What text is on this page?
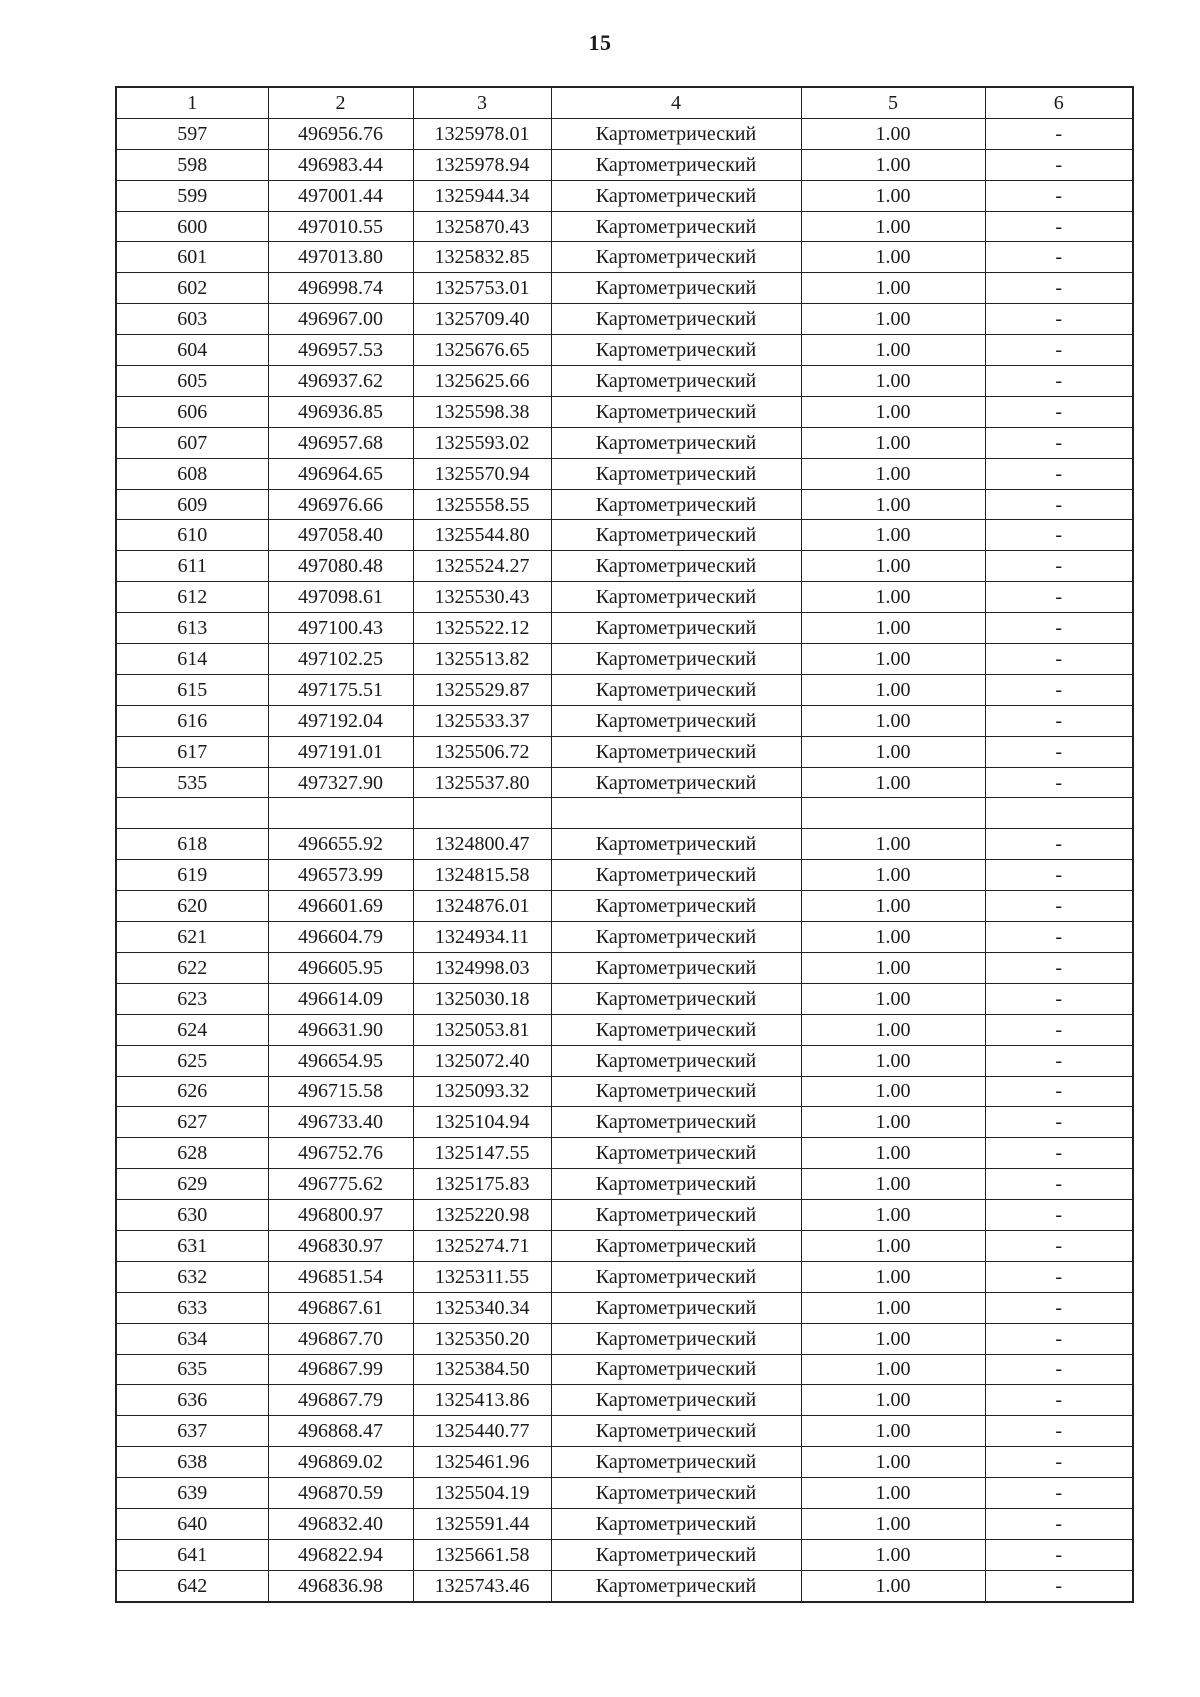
15
1	2	3	4	5	6
597	496956.76	1325978.01	Картометрический	1.00	-
598	496983.44	1325978.94	Картометрический	1.00	-
599	497001.44	1325944.34	Картометрический	1.00	-
600	497010.55	1325870.43	Картометрический	1.00	-
601	497013.80	1325832.85	Картометрический	1.00	-
602	496998.74	1325753.01	Картометрический	1.00	-
603	496967.00	1325709.40	Картометрический	1.00	-
604	496957.53	1325676.65	Картометрический	1.00	-
605	496937.62	1325625.66	Картометрический	1.00	-
606	496936.85	1325598.38	Картометрический	1.00	-
607	496957.68	1325593.02	Картометрический	1.00	-
608	496964.65	1325570.94	Картометрический	1.00	-
609	496976.66	1325558.55	Картометрический	1.00	-
610	497058.40	1325544.80	Картометрический	1.00	-
611	497080.48	1325524.27	Картометрический	1.00	-
612	497098.61	1325530.43	Картометрический	1.00	-
613	497100.43	1325522.12	Картометрический	1.00	-
614	497102.25	1325513.82	Картометрический	1.00	-
615	497175.51	1325529.87	Картометрический	1.00	-
616	497192.04	1325533.37	Картометрический	1.00	-
617	497191.01	1325506.72	Картометрический	1.00	-
535	497327.90	1325537.80	Картометрический	1.00	-

618	496655.92	1324800.47	Картометрический	1.00	-
619	496573.99	1324815.58	Картометрический	1.00	-
620	496601.69	1324876.01	Картометрический	1.00	-
621	496604.79	1324934.11	Картометрический	1.00	-
622	496605.95	1324998.03	Картометрический	1.00	-
623	496614.09	1325030.18	Картометрический	1.00	-
624	496631.90	1325053.81	Картометрический	1.00	-
625	496654.95	1325072.40	Картометрический	1.00	-
626	496715.58	1325093.32	Картометрический	1.00	-
627	496733.40	1325104.94	Картометрический	1.00	-
628	496752.76	1325147.55	Картометрический	1.00	-
629	496775.62	1325175.83	Картометрический	1.00	-
630	496800.97	1325220.98	Картометрический	1.00	-
631	496830.97	1325274.71	Картометрический	1.00	-
632	496851.54	1325311.55	Картометрический	1.00	-
633	496867.61	1325340.34	Картометрический	1.00	-
634	496867.70	1325350.20	Картометрический	1.00	-
635	496867.99	1325384.50	Картометрический	1.00	-
636	496867.79	1325413.86	Картометрический	1.00	-
637	496868.47	1325440.77	Картометрический	1.00	-
638	496869.02	1325461.96	Картометрический	1.00	-
639	496870.59	1325504.19	Картометрический	1.00	-
640	496832.40	1325591.44	Картометрический	1.00	-
641	496822.94	1325661.58	Картометрический	1.00	-
642	496836.98	1325743.46	Картометрический	1.00	-
